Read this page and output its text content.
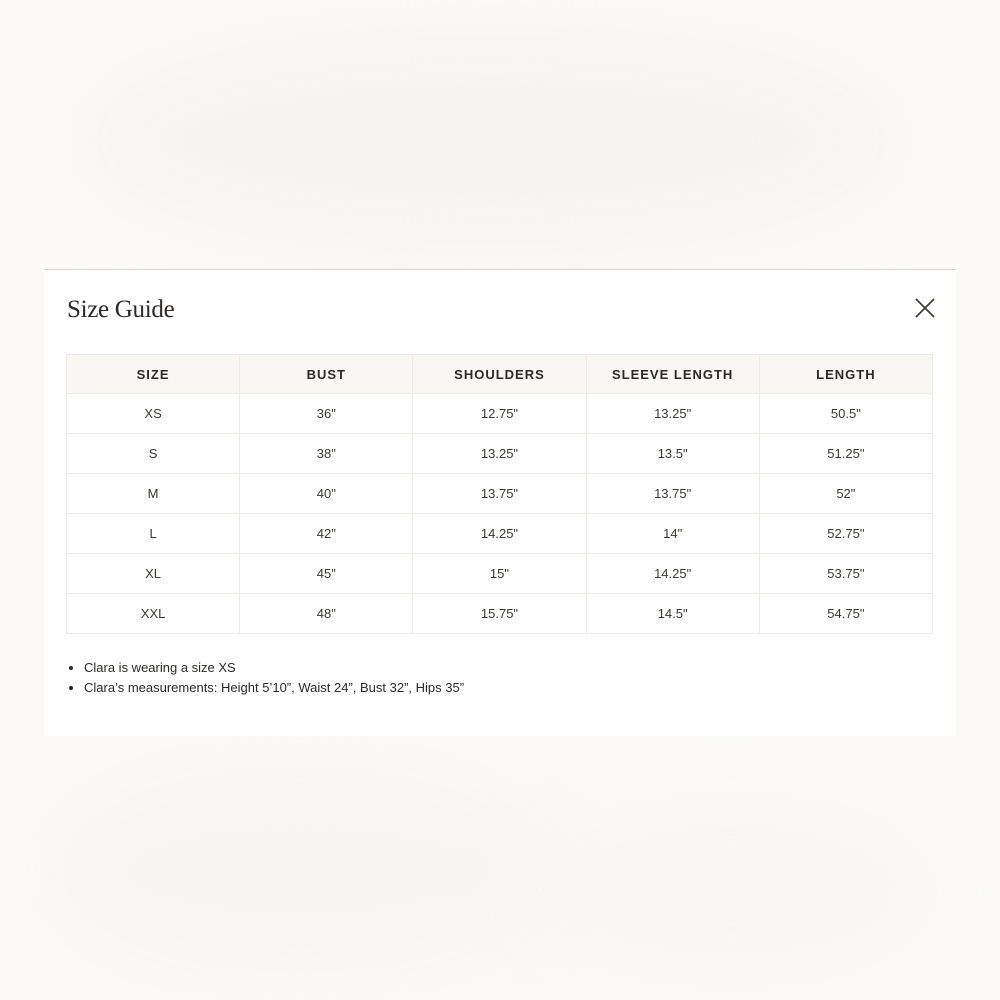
Size Guide
SIZE	BUST	SHOULDERS	SLEEVE LENGTH	LENGTH
XS	36"	12.75"	13.25"	50.5"
S	38"	13.25"	13.5"	51.25"
M	40"	13.75"	13.75"	52"
L	42"	14.25"	14"	52.75"
XL	45"	15"	14.25"	53.75"
XXL	48"	15.75"	14.5"	54.75"
• Clara is wearing a size XS
• Clara’s measurements: Height 5’10”, Waist 24”, Bust 32”, Hips 35”
